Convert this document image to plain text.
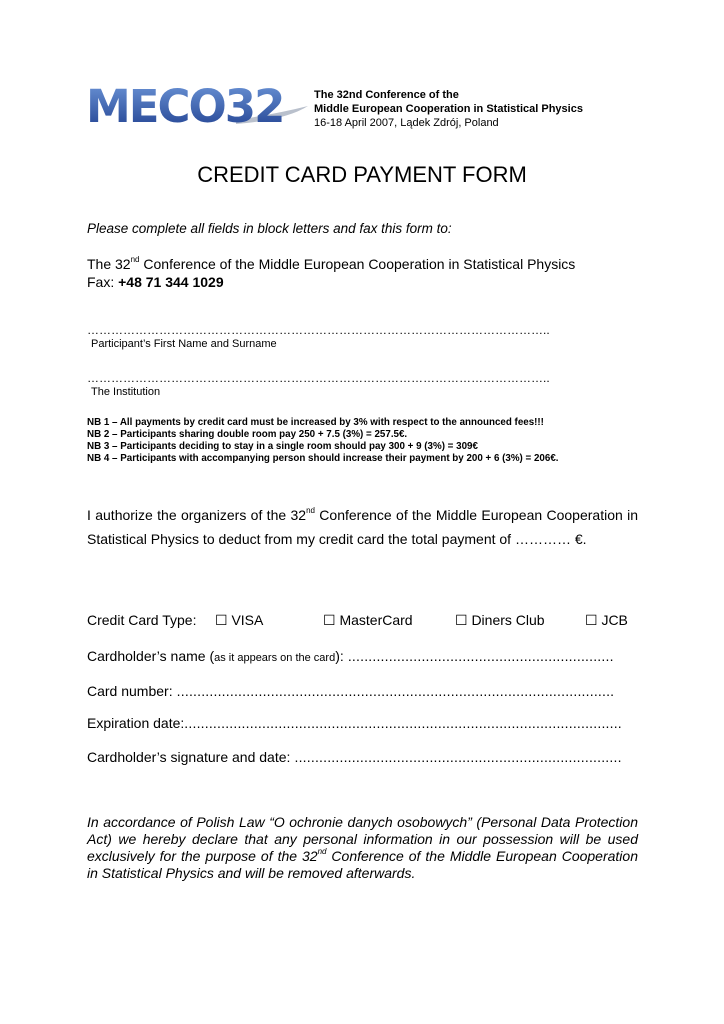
MECO32	The 32nd Conference of the
Middle European Cooperation in Statistical Physics
16-18 April 2007, Lądek Zdrój, Poland
CREDIT CARD PAYMENT FORM
Please complete all fields in block letters and fax this form to:
The 32nd Conference of the Middle European Cooperation in Statistical Physics
Fax: +48 71 344 1029
……………………………………………………………………………………………………..
Participant’s First Name and Surname
……………………………………………………………………………………………………..
The Institution
NB 1 – All payments by credit card must be increased by 3% with respect to the announced fees!!!
NB 2 – Participants sharing double room pay 250 + 7.5 (3%) = 257.5€.
NB 3 – Participants deciding to stay in a single room should pay 300 + 9 (3%) = 309€
NB 4 – Participants with accompanying person should increase their payment by 200 + 6 (3%) = 206€.
I authorize the organizers of the 32nd Conference of the Middle European Cooperation in Statistical Physics to deduct from my credit card the total payment of ………… €.
Credit Card Type: ☐ VISA	☐ MasterCard	☐ Diners Club	☐ JCB
Cardholder’s name (as it appears on the card): .................................................................
Card number: ...........................................................................................................
Expiration date:...........................................................................................................
Cardholder’s signature and date: ................................................................................
In accordance of Polish Law “O ochronie danych osobowych” (Personal Data Protection Act) we hereby declare that any personal information in our possession will be used exclusively for the purpose of the 32nd Conference of the Middle European Cooperation in Statistical Physics and will be removed afterwards.
